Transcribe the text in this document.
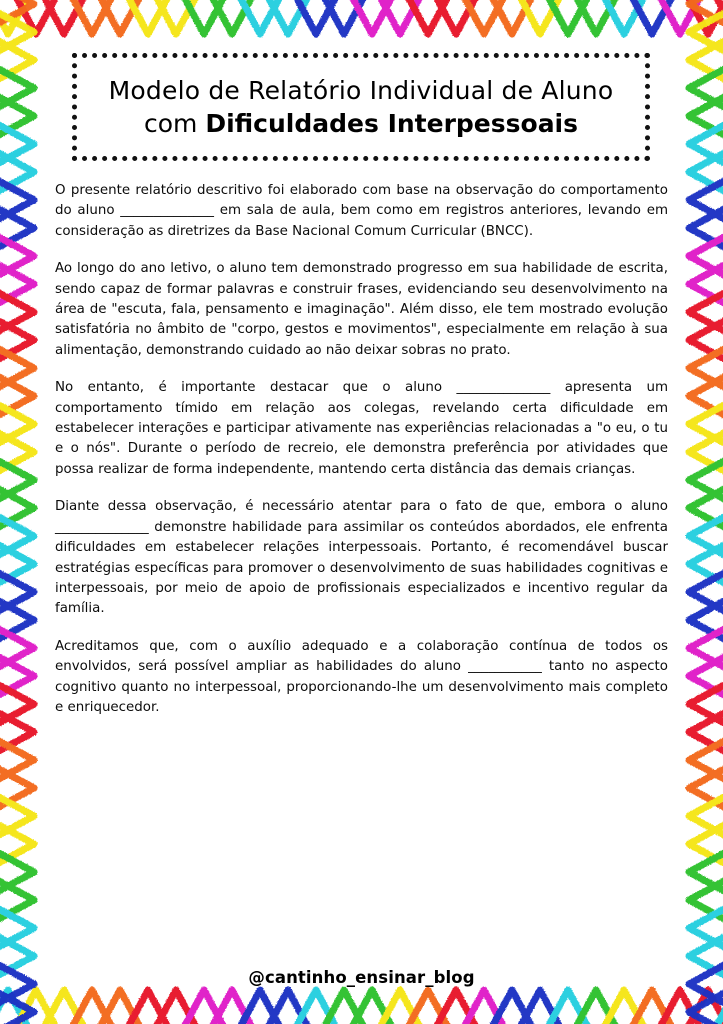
Modelo de Relatório Individual de Aluno
com Dificuldades Interpessoais

O presente relatório descritivo foi elaborado com base na observação do comportamento do aluno ______________ em sala de aula, bem como em registros anteriores, levando em consideração as diretrizes da Base Nacional Comum Curricular (BNCC).

Ao longo do ano letivo, o aluno tem demonstrado progresso em sua habilidade de escrita, sendo capaz de formar palavras e construir frases, evidenciando seu desenvolvimento na área de "escuta, fala, pensamento e imaginação". Além disso, ele tem mostrado evolução satisfatória no âmbito de "corpo, gestos e movimentos", especialmente em relação à sua alimentação, demonstrando cuidado ao não deixar sobras no prato.

No entanto, é importante destacar que o aluno ______________ apresenta um comportamento tímido em relação aos colegas, revelando certa dificuldade em estabelecer interações e participar ativamente nas experiências relacionadas a "o eu, o tu e o nós". Durante o período de recreio, ele demonstra preferência por atividades que possa realizar de forma independente, mantendo certa distância das demais crianças.

Diante dessa observação, é necessário atentar para o fato de que, embora o aluno ______________ demonstre habilidade para assimilar os conteúdos abordados, ele enfrenta dificuldades em estabelecer relações interpessoais. Portanto, é recomendável buscar estratégias específicas para promover o desenvolvimento de suas habilidades cognitivas e interpessoais, por meio de apoio de profissionais especializados e incentivo regular da família.

Acreditamos que, com o auxílio adequado e a colaboração contínua de todos os envolvidos, será possível ampliar as habilidades do aluno ___________ tanto no aspecto cognitivo quanto no interpessoal, proporcionando-lhe um desenvolvimento mais completo e enriquecedor.

@cantinho_ensinar_blog
